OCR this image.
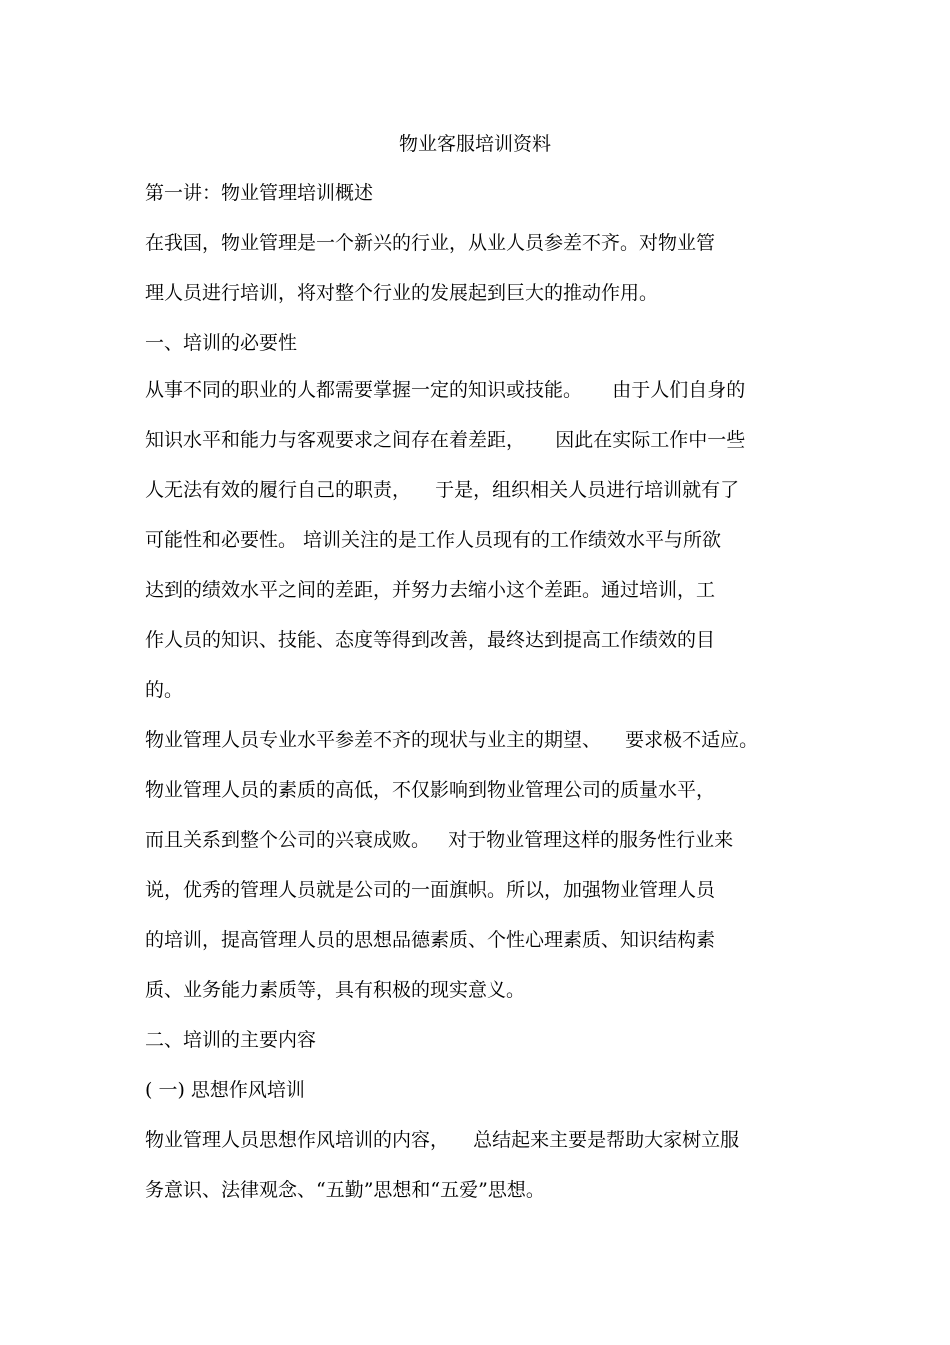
物业客服培训资料
第一讲：物业管理培训概述
在我国，物业管理是一个新兴的行业，从业人员参差不齐。对物业管
理人员进行培训，将对整个行业的发展起到巨大的推动作用。
一、培训的必要性
从事不同的职业的人都需要掌握一定的知识或技能。     由于人们自身的
知识水平和能力与客观要求之间存在着差距，     因此在实际工作中一些
人无法有效的履行自己的职责，    于是，组织相关人员进行培训就有了
可能性和必要性。 培训关注的是工作人员现有的工作绩效水平与所欲
达到的绩效水平之间的差距，并努力去缩小这个差距。通过培训，工
作人员的知识、技能、态度等得到改善，最终达到提高工作绩效的目
的。
物业管理人员专业水平参差不齐的现状与业主的期望、    要求极不适应。
物业管理人员的素质的高低，不仅影响到物业管理公司的质量水平，
而且关系到整个公司的兴衰成败。   对于物业管理这样的服务性行业来
说，优秀的管理人员就是公司的一面旗帜。所以，加强物业管理人员
的培训，提高管理人员的思想品德素质、个性心理素质、知识结构素
质、业务能力素质等，具有积极的现实意义。
二、培训的主要内容
( 一) 思想作风培训
物业管理人员思想作风培训的内容，    总结起来主要是帮助大家树立服
务意识、法律观念、“五勤”思想和“五爱”思想。
